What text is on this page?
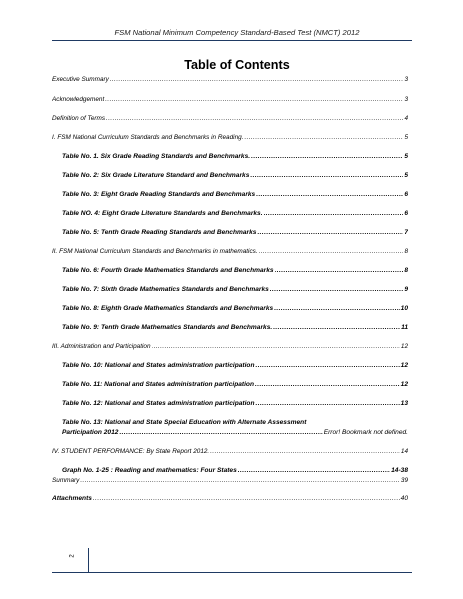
FSM National Minimum Competency Standard-Based Test (NMCT) 2012
Table of Contents
Executive Summary .....	3
Acknowledgement .....	3
Definition of Terms .....	4
I. FSM National Curriculum Standards and Benchmarks in Reading. .....	5
Table No. 1. Six Grade Reading Standards and Benchmarks. .....	5
Table No. 2: Six Grade Literature Standard and Benchmarks .....	5
Table No. 3: Eight Grade Reading Standards and Benchmarks .....	6
Table NO. 4: Eight Grade Literature Standards and Benchmarks. .....	6
Table No. 5: Tenth Grade Reading Standards and Benchmarks .....	7
II. FSM National Curriculum Standards and Benchmarks in mathematics. .....	8
Table No. 6: Fourth Grade Mathematics Standards and Benchmarks .....	8
Table No. 7: Sixth Grade Mathematics Standards and Benchmarks .....	9
Table No. 8: Eighth Grade Mathematics Standards and Benchmarks .....	10
Table No. 9: Tenth Grade Mathematics Standards and Benchmarks. .....	11
III. Administration and Participation .....	12
Table No. 10: National and States administration participation .....	12
Table No. 11: National and States administration participation .....	12
Table No. 12: National and States administration participation .....	13
Table No. 13: National and State Special Education with Alternate Assessment
Participation 2012 .....	Error! Bookmark not defined.
IV. STUDENT PERFORMANCE: By State Report 2012. .....	14
Graph No. 1-25 : Reading and mathematics: Four States .....	14-38
Summary .....	39
Attachments .....	40
2
